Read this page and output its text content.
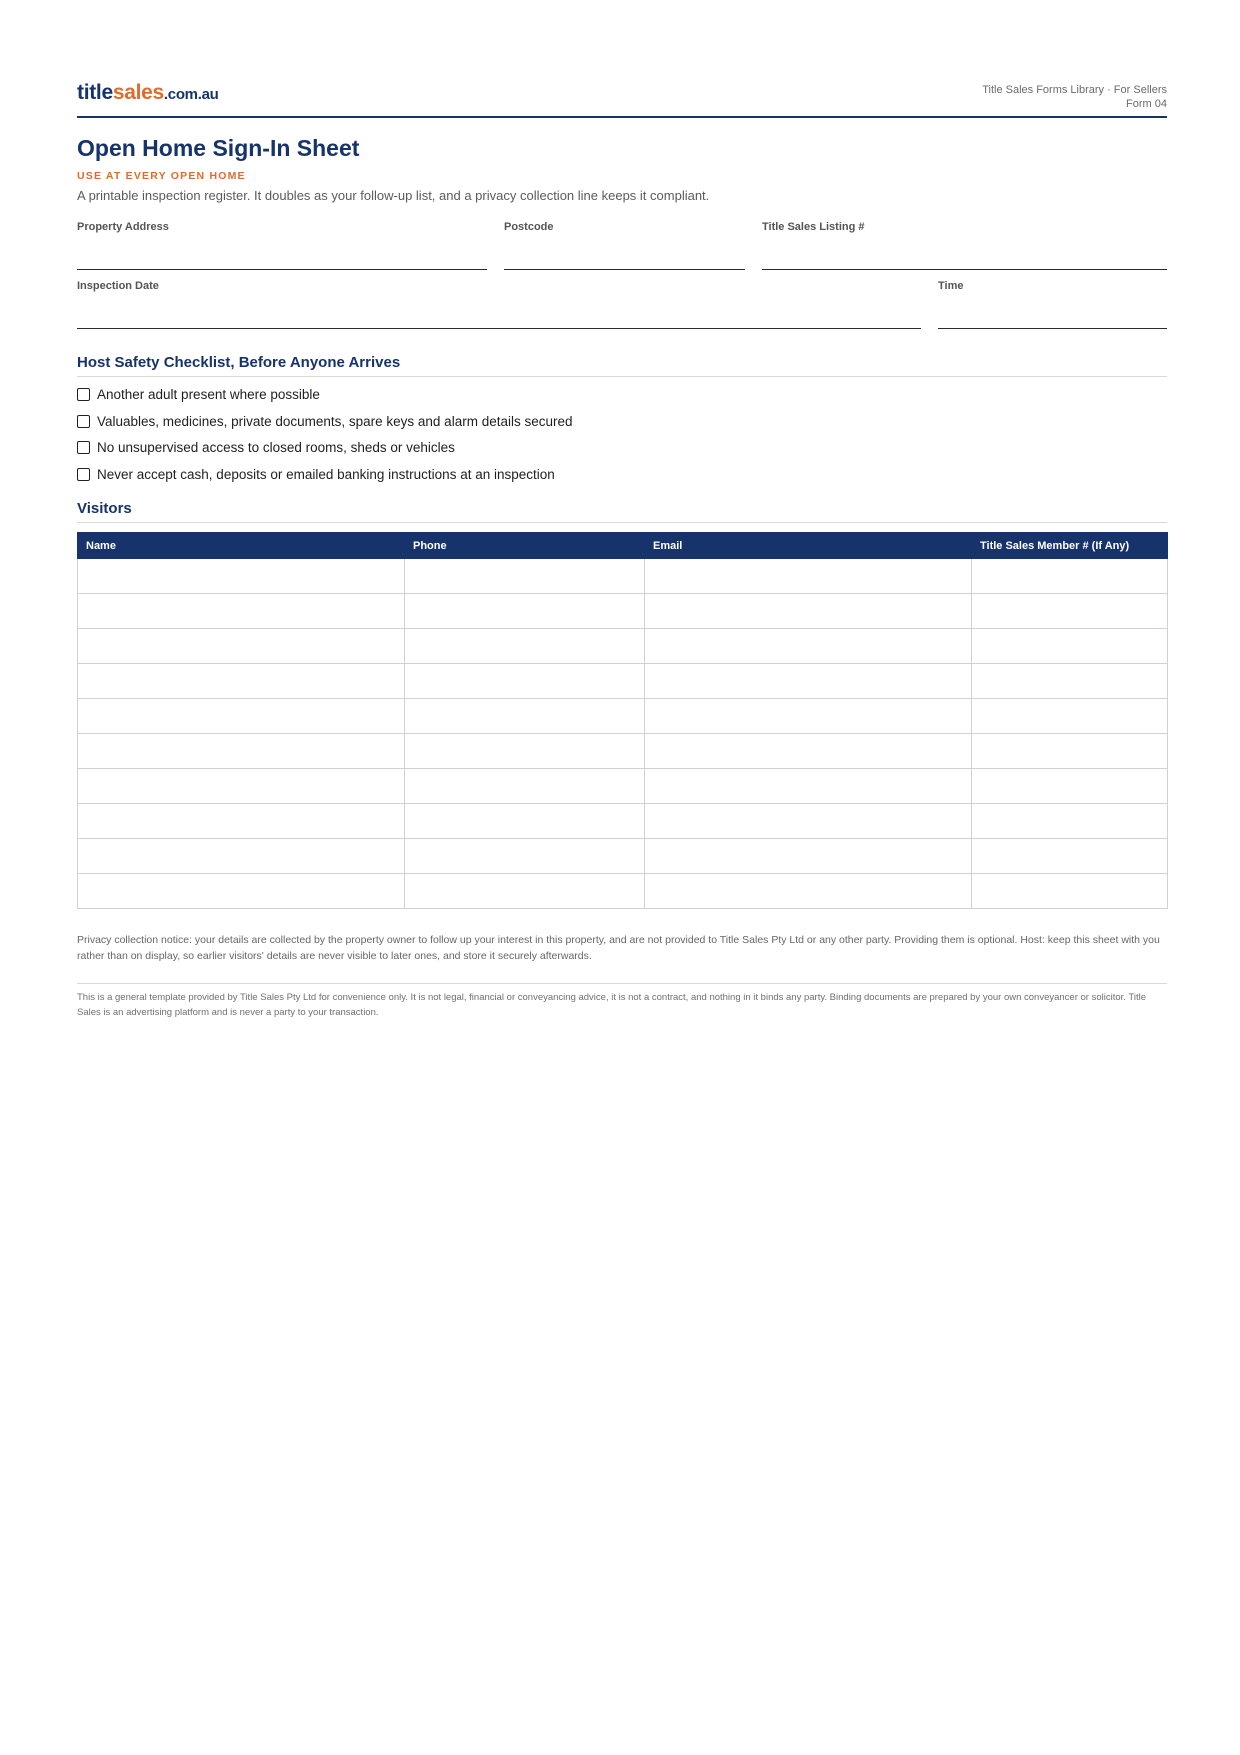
titlesales.com.au	Title Sales Forms Library · For Sellers
Form 04
Open Home Sign-In Sheet
USE AT EVERY OPEN HOME
A printable inspection register. It doubles as your follow-up list, and a privacy collection line keeps it compliant.
Property Address	Postcode	Title Sales Listing #
Inspection Date	Time
Host Safety Checklist, Before Anyone Arrives
Another adult present where possible
Valuables, medicines, private documents, spare keys and alarm details secured
No unsupervised access to closed rooms, sheds or vehicles
Never accept cash, deposits or emailed banking instructions at an inspection
Visitors
Name	Phone	Email	Title Sales Member # (If Any)

Privacy collection notice: your details are collected by the property owner to follow up your interest in this property, and are not provided to Title Sales Pty Ltd or any other party. Providing them is optional. Host: keep this sheet with you rather than on display, so earlier visitors' details are never visible to later ones, and store it securely afterwards.
This is a general template provided by Title Sales Pty Ltd for convenience only. It is not legal, financial or conveyancing advice, it is not a contract, and nothing in it binds any party. Binding documents are prepared by your own conveyancer or solicitor. Title Sales is an advertising platform and is never a party to your transaction.
